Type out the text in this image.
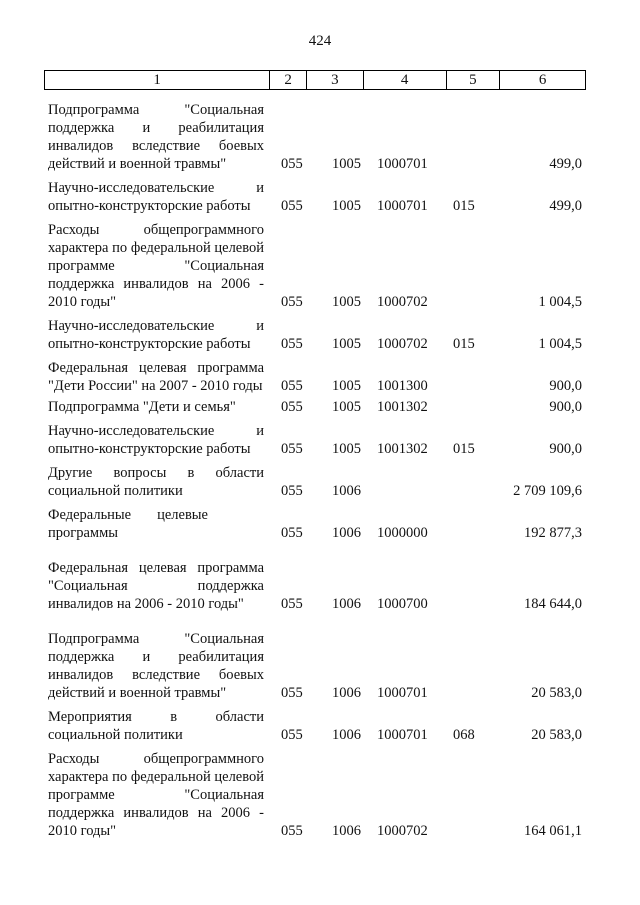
424
1	2	3	4	5	6
Подпрограмма "Социальная поддержка и реабилитация инвалидов вследствие боевых действий и военной травмы"	055 1005 1000701	499,0
Научно-исследовательские и опытно-конструкторские работы	055 1005 1000701 015	499,0
Расходы общепрограммного характера по федеральной целевой программе "Социальная поддержка инвалидов на 2006 - 2010 годы"	055 1005 1000702	1 004,5
Научно-исследовательские и опытно-конструкторские работы	055 1005 1000702 015	1 004,5
Федеральная целевая программа "Дети России" на 2007 - 2010 годы 055 1005 1001300	900,0
Подпрограмма "Дети и семья"	055 1005 1001302	900,0
Научно-исследовательские и опытно-конструкторские работы	055 1005 1001302 015	900,0
Другие вопросы в области социальной политики	055 1006	2 709 109,6
Федеральные целевые программы	055 1006 1000000	192 877,3
Федеральная целевая программа "Социальная поддержка инвалидов на 2006 - 2010 годы"	055 1006 1000700	184 644,0
Подпрограмма "Социальная поддержка и реабилитация инвалидов вследствие боевых действий и военной травмы"	055 1006 1000701	20 583,0
Мероприятия в области социальной политики	055 1006 1000701 068	20 583,0
Расходы общепрограммного характера по федеральной целевой программе "Социальная поддержка инвалидов на 2006 - 2010 годы"	055 1006 1000702	164 061,1
